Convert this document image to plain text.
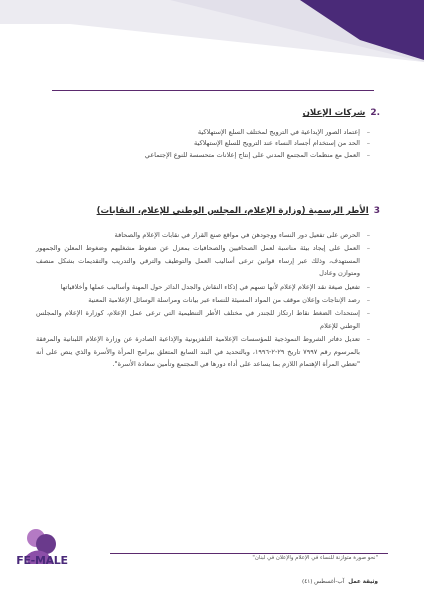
.2
شركات الإعلان
– إعتماد الصور الإبداعية في الترويج لمختلف السلع الإستهلاكية
– الحد من إستخدام أجساد النساء عند الترويج للسلع الإستهلاكية
– العمل مع منظمات المجتمع المدني على إنتاج إعلانات متحسسة للنوع الإجتماعي
3
الأطر الرسمية (وزارة الإعلام، المجلس الوطني للإعلام، النقابات)
– الحرص على تفعيل دور النساء ووجودهن في مواقع صنع القرار في نقابات الإعلام والصحافة
– العمل على إيجاد بيئة مناسبة لعمل الصحافيين والصحافيات بمعزل عن ضغوط مشغليهم وضغوط المعلن والجمهور المستهدف، وذلك عبر إرساء قوانين ترعى أساليب العمل والتوظيف والترقي والتدريب والتقديمات بشكل منصف ومتوازن وعادل
– تفعيل صيغة نقد الإعلام لإعلام لأنها تسهم في إذكاء النقاش والجدل الدائر حول المهنة وأساليب عملها وأخلاقياتها
– رصد الإنتاجات وإعلان موقف من المواد المسيئة للنساء عبر بيانات ومراسلة الوسائل الإعلامية المعنية
– إستحداث الضغط نقاط ارتكاز للجندر في مختلف الأطر التنظيمية التي ترعى عمل الإعلام، كوزارة الإعلام والمجلس الوطني للإعلام
– تعديل دفاتر الشروط النموذجية للمؤسسات الإعلامية التلفزيونية والإذاعية الصادرة عن وزارة الإعلام اللبنانية والمرفقة بالمرسوم رقم ٧٩٩٧ تاريخ ٢٩-٢-١٩٩٦، وبالتحديد في البند السابع المتعلق ببرامج المرأة والأسرة والذي ينص على أنه "تعطي المرأة الإهتمام اللازم بما يساعد على أداء دورها في المجتمع وتأمين سعادة الأسرة".
"نحو صورة متوازنة للنساء في الإعلام والإعلان في لبنان"
وثيقة عمل
آب-أغسطس (٤١)
FE-MALE
